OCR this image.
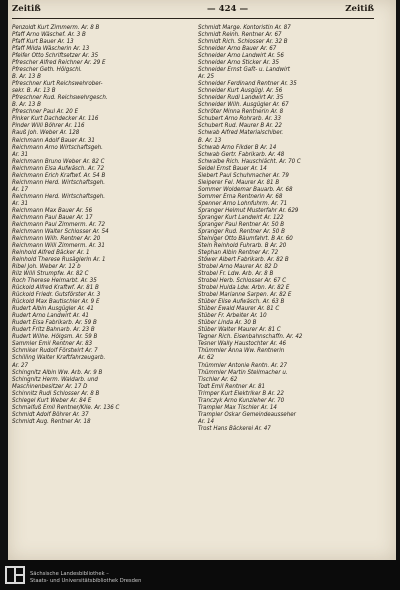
Zeitiß	— 424 —	Zeitiß
Penzoldt Kurt Zimmerm. Ar. 8 B
Pfaff Arno Wäschef. Ar. 3 B
Pfaff Kurt Bauer Ar. 13
Pfaff Milda Wäscherin Ar. 13
Pfeifer Otto Schriftsetzer Ar. 35
Pfrescher Alfred Reichner Ar. 29 E
Pfrescher Geth. Hölgschl.
B. Ar. 13 B
Pfreschner Kurt Reichswehrober-
sekr. B. Ar. 13 B
Pfreschner Rud. Reichswehrgesch.
B. Ar. 13 B
Pfreschner Paul Ar. 20 E
Pinker Kurt Dachdecker Ar. 116
Pinder Willi Böhrer Ar. 116
Rauß Joh. Weber Ar. 128
Reichmann Adolf Bauer Ar. 31
Reichmann Arno Wirtschaftsgeh.
Ar. 31
Reichmann Bruno Weber Ar. 82 C
Reichmann Elsa Aufwäsch. Ar. 72
Reichmann Erich Kraftwf. Ar. 54 B
Reichmann Herd. Wirtschaftsgeh.
Ar. 17
Reichmann Herd. Wirtschaftsgeh.
Ar. 31
Reichmann Max Bauer Ar. 56
Reichmann Paul Bauer Ar. 17
Reichmann Paul Zimmerm. Ar. 72
Reichmann Walter Schlosser Ar. 54
Reichmann Wilh. Rentner Ar. 20
Reichmann Willi Zimmerm. Ar. 31
Reinhold Alfred Bäcker Ar. 1
Reinhold Therese Rusäglerin Ar. 1
Ribel Joh. Weber Ar. 12 b
Rilz Willi Strumpfw. Ar. 82 C
Roch Therese Heimarbt. Ar. 35
Rückold Alfred Kraftwf. Ar. 81 B
Rückold Friedr. Gutsförster Ar. 3
Rückold Max Bautischler Ar. 9 E
Rudert Albin Ausgügler Ar. 41
Rudert Arno Landwirt Ar. 41
Rudert Elsa Fabrikarb. Ar. 59 B
Rudert Fritz Bahnarb. Ar. 23 B
Rudert Wilhe. Hölgsm. Ar. 59 B
Sammler Emil Rentner Ar. 83
Schmiker Rudolf Förstwirt Ar. 7
Schilling Walter Kraftfahrzeugarb.
Ar. 27
Schingnitz Albin Ww. Arb. Ar. 9 B
Schingnitz Herm. Waldarb. und
Maschinenbesitzer Ar. 17 D
Schinnitz Rudi Schlosser Ar. 8 B
Schlegel Kurt Weber Ar. 84 E
Schmalfuß Emil Rentner/Klle. Ar. 136 C
Schmidt Adolf Böhrer Ar. 37
Schmidt Aug. Rentner Ar. 18
Schmidt Marge. Kontoristin Ar. 87
Schmidt Reinh. Rentner Ar. 67
Schmidt Rich. Schlosser Ar. 32 B
Schneider Arno Bauer Ar. 67
Schneider Arno Landwirt Ar. 56
Schneider Arno Sticker Ar. 35
Schneider Ernst Gaſt- u. Landwirt
Ar. 25
Schneider Ferdinand Rentner Ar. 35
Schneider Kurt Ausgügl. Ar. 56
Schneider Rudi Landwirt Ar. 35
Schneider Wilh. Ausgügler Ar. 67
Schröter Minna Rentnerin Ar. 8
Schubert Arno Rohrarb. Ar. 33
Schubert Rud. Maurer B Ar. 22
Schwab Alfred Materialschiber.
B. Ar. 13
Schwab Arno Fikder B Ar. 14
Schwab Gertr. Fabrikarb. Ar. 48
Schwalbe Rich. Hauschlächt. Ar. 70 C
Seidel Ernst Bauer Ar. 14
Siebert Paul Schuhmacher Ar. 79
Sleiperer Fel. Maurer Ar. 81 B
Sommer Woldemar Bauarb. Ar. 68
Sommer Erna Rentnerin Ar. 68
Spenner Arno Lohnfuhrm. Ar. 71
Spranger Helmut Musterfahr Ar. 629
Spranger Kurt Landwirt Ar. 122
Spranger Paul Rentner Ar. 50 B
Spranger Rud. Rentner Ar. 50 B
Steiniger Otto Bäumfahrt. B Ar. 60
Stein Reinhold Fuhrarb. B Ar. 20
Stephan Albin Rentner Ar. 72
Stöwer Albert Fabrikarb. Ar. 82 B
Strobel Arno Maurer Ar. 82 D
Strobel Fr. Ldw. Arb. Ar. 8 B
Strobel Herb. Schlosser Ar. 67 C
Strobel Hulda Ldw. Arbn. Ar. 82 E
Strobel Marianne Sarpen. Ar. 82 E
Stüber Elise Aufwäsch. Ar. 63 B
Stüber Ewald Maurer Ar. 81 C
Stüber Fr. Arbeiter Ar. 10
Stüber Linda Ar. 30 B
Stüber Walter Maurer Ar. 81 C
Tegner Rich. Eisenbahnschaffn. Ar. 42
Tesner Wally Haustochter Ar. 46
Thümmler Anna Ww. Rentnerin
Ar. 62
Thümmler Antonie Rentn. Ar. 27
Thümmler Martin Stellmacher u.
Tischler Ar. 62
Todt Emil Rentner Ar. 81
Trimper Kurt Elektriker B Ar. 22
Tranczyk Arno Kunzieher Ar. 70
Trampler Max Tischler Ar. 14
Trampler Oskar Gemeindeausseher
Ar. 14
Trost Hans Bäckerei Ar. 47
Sächsische Landesbibliothek –
Staats- und Universitätsbibliothek Dresden
